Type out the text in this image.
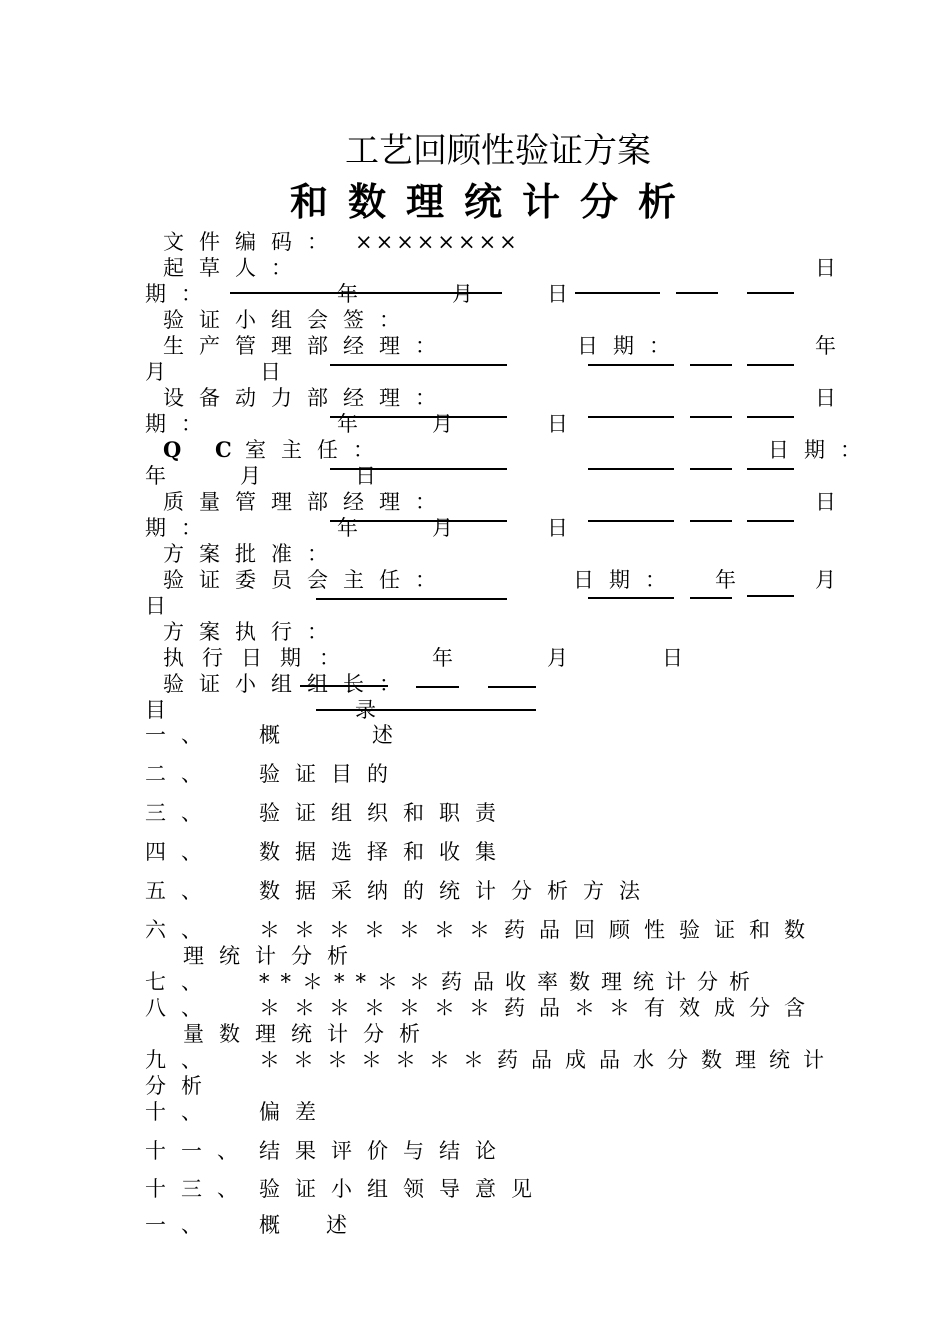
工艺回顾性验证方案
和数理统计分析
文件编码： ××××××××
起草人：	日
期：	年	月	日
验证小组会签：
生产管理部经理：	日期：	年
月	日
设备动力部经理：	日
期：	年	月	日
Q C 室主任：	日期：
年	月	日
质量管理部经理：	日
期：	年	月	日
方案批准：
验证委员会主任：	日期： 年	月
日
方案执行：
执行日期：	年	月	日
验证小组组长：
目	录
一、 概述
二、 验证目的
三、 验证组织和职责
四、 数据选择和收集
五、 数据采纳的统计分析方法
六、 ＊＊＊＊＊＊＊药品回顾性验证和数
理统计分析
七、 **＊**＊＊药品收率数理统计分析
八、 ＊＊＊＊＊＊＊药品＊＊有效成分含
量数理统计分析
九、 ＊＊＊＊＊＊＊药品成品水分数理统计
分析
十、 偏差
十一、 结果评价与结论
十三、 验证小组领导意见
一、 概述
